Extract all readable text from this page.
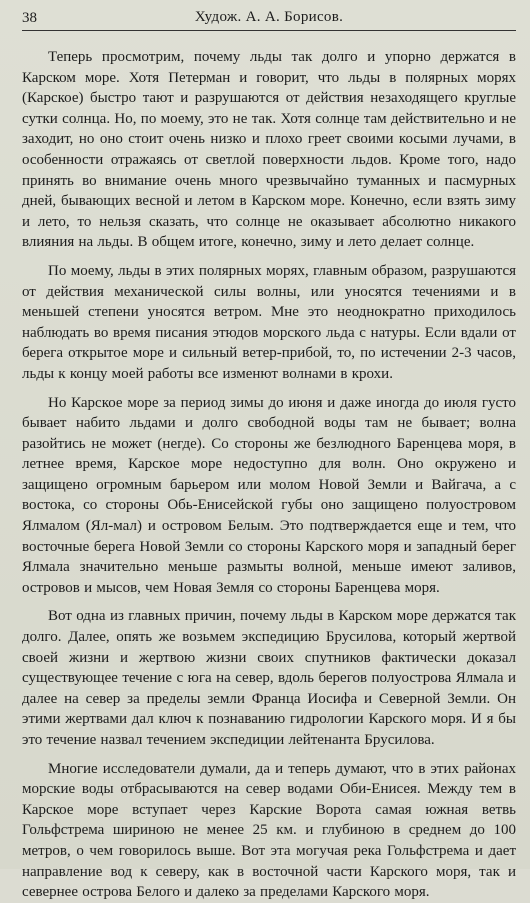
38	Худож. А. А. Борисов.

Теперь просмотрим, почему льды так долго и упорно держатся в Карском море. Хотя Петерман и говорит, что льды в полярных морях (Карское) быстро тают и разрушаются от действия незаходящего круглые сутки солнца. Но, по моему, это не так. Хотя солнце там действительно и не заходит, но оно стоит очень низко и плохо греет своими косыми лучами, в особенности отражаясь от светлой поверхности льдов. Кроме того, надо принять во внимание очень много чрезвычайно туманных и пасмурных дней, бывающих весной и летом в Карском море. Конечно, если взять зиму и лето, то нельзя сказать, что солнце не оказывает абсолютно никакого влияния на льды. В общем итоге, конечно, зиму и лето делает солнце.

По моему, льды в этих полярных морях, главным образом, разрушаются от действия механической силы волны, или уносятся течениями и в меньшей степени уносятся ветром. Мне это неоднократно приходилось наблюдать во время писания этюдов морского льда с натуры. Если вдали от берега открытое море и сильный ветер-прибой, то, по истечении 2-3 часов, льды к концу моей работы все изменют волнами в крохи.

Но Карское море за период зимы до июня и даже иногда до июля густо бывает набито льдами и долго свободной воды там не бывает; волна разойтись не может (негде). Со стороны же безлюдного Баренцева моря, в летнее время, Карское море недоступно для волн. Оно окружено и защищено огромным барьером или молом Новой Земли и Вайгача, а с востока, со стороны Обь-Енисейской губы оно защищено полуостровом Ялмалом (Ял-мал) и островом Белым. Это подтверждается еще и тем, что восточные берега Новой Земли со стороны Карского моря и западный берег Ялмала значительно меньше размыты волной, меньше имеют заливов, островов и мысов, чем Новая Земля со стороны Баренцева моря.

Вот одна из главных причин, почему льды в Карском море держатся так долго. Далее, опять же возьмем экспедицию Брусилова, который жертвой своей жизни и жертвою жизни своих спутников фактически доказал существующее течение с юга на север, вдоль берегов полуострова Ялмала и далее на север за пределы земли Франца Иосифа и Северной Земли. Он этими жертвами дал ключ к познаванию гидрологии Карского моря. И я бы это течение назвал течением экспедиции лейтенанта Брусилова.

Многие исследователи думали, да и теперь думают, что в этих районах морские воды отбрасываются на север водами Оби-Енисея. Между тем в Карское море вступает через Карские Ворота самая южная ветвь Гольфстрема шириною не менее 25 км. и глубиною в среднем до 100 метров, о чем говорилось выше. Вот эта могучая река Гольфстрема и дает направление вод к северу, как в восточной части Карского моря, так и севернее острова Белого и далеко за пределами Карского моря.
